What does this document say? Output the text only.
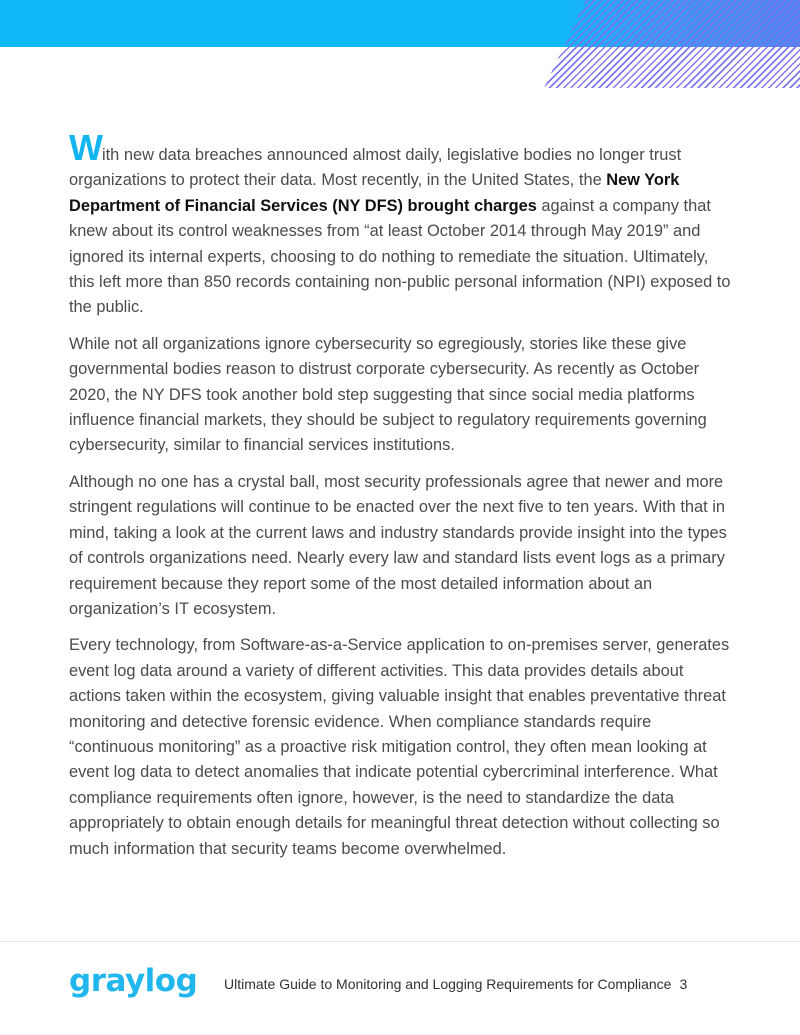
With new data breaches announced almost daily, legislative bodies no longer trust organizations to protect their data. Most recently, in the United States, the New York Department of Financial Services (NY DFS) brought charges against a company that knew about its control weaknesses from “at least October 2014 through May 2019” and ignored its internal experts, choosing to do nothing to remediate the situation. Ultimately, this left more than 850 records containing non-public personal information (NPI) exposed to the public.

While not all organizations ignore cybersecurity so egregiously, stories like these give governmental bodies reason to distrust corporate cybersecurity. As recently as October 2020, the NY DFS took another bold step suggesting that since social media platforms influence financial markets, they should be subject to regulatory requirements governing cybersecurity, similar to financial services institutions.

Although no one has a crystal ball, most security professionals agree that newer and more stringent regulations will continue to be enacted over the next five to ten years. With that in mind, taking a look at the current laws and industry standards provide insight into the types of controls organizations need. Nearly every law and standard lists event logs as a primary requirement because they report some of the most detailed information about an organization’s IT ecosystem.

Every technology, from Software-as-a-Service application to on-premises server, generates event log data around a variety of different activities. This data provides details about actions taken within the ecosystem, giving valuable insight that enables preventative threat monitoring and detective forensic evidence. When compliance standards require “continuous monitoring” as a proactive risk mitigation control, they often mean looking at event log data to detect anomalies that indicate potential cybercriminal interference. What compliance requirements often ignore, however, is the need to standardize the data appropriately to obtain enough details for meaningful threat detection without collecting so much information that security teams become overwhelmed.

graylog Ultimate Guide to Monitoring and Logging Requirements for Compliance 3
